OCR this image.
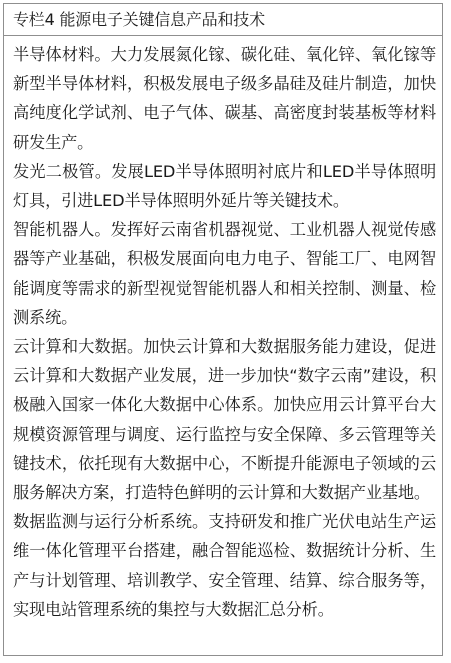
专栏4 能源电子关键信息产品和技术

半导体材料。大力发展氮化镓、碳化硅、氧化锌、氧化镓等新型半导体材料，积极发展电子级多晶硅及硅片制造，加快高纯度化学试剂、电子气体、碳基、高密度封装基板等材料研发生产。

发光二极管。发展LED半导体照明衬底片和LED半导体照明灯具，引进LED半导体照明外延片等关键技术。

智能机器人。发挥好云南省机器视觉、工业机器人视觉传感器等产业基础，积极发展面向电力电子、智能工厂、电网智能调度等需求的新型视觉智能机器人和相关控制、测量、检测系统。

云计算和大数据。加快云计算和大数据服务能力建设，促进云计算和大数据产业发展，进一步加快“数字云南”建设，积极融入国家一体化大数据中心体系。加快应用云计算平台大规模资源管理与调度、运行监控与安全保障、多云管理等关键技术，依托现有大数据中心，不断提升能源电子领域的云服务解决方案，打造特色鲜明的云计算和大数据产业基地。

数据监测与运行分析系统。支持研发和推广光伏电站生产运维一体化管理平台搭建，融合智能巡检、数据统计分析、生产与计划管理、培训教学、安全管理、结算、综合服务等，实现电站管理系统的集控与大数据汇总分析。
